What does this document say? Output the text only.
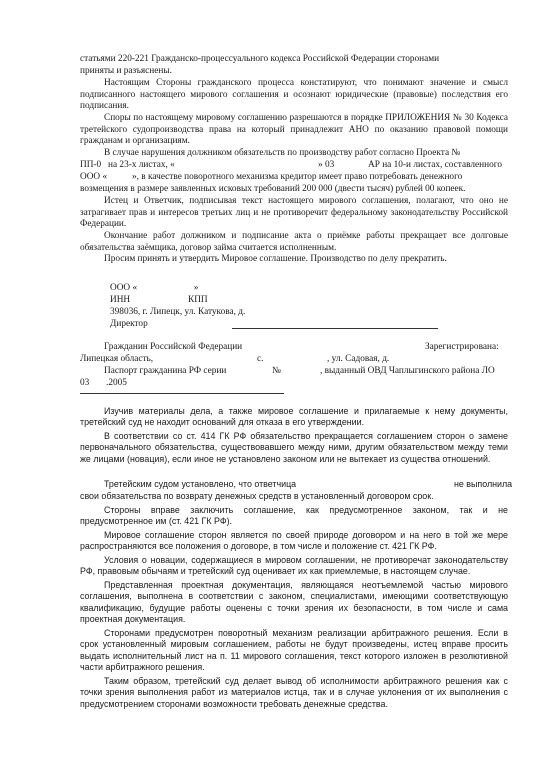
статьями 220-221 Гражданско-процессуального кодекса Российской Федерации сторонами

приняты и разъяснены.

Настоящим Стороны гражданского процесса констатируют, что понимают значение и смысл подписанного настоящего мирового соглашения и осознают юридические (правовые) последствия его подписания.

Споры по настоящему мировому соглашению разрешаются в порядке ПРИЛОЖЕНИЯ № 30 Кодекса третейского судопроизводства права на который принадлежит АНО по оказанию правовой помощи гражданам и организациям.

В случае нарушения должником обязательств по производству работ согласно Проекта №

ПП-0 на 23-х листах, «	» 03	АР на 10-и листах, составленного
ООО «	», в качестве поворотного механизма кредитор имеет право потребовать денежного

возмещения в размере заявленных исковых требований 200 000 (двести тысяч) рублей 00 копеек.

Истец и Ответчик, подписывая текст настоящего мирового соглашения, полагают, что оно не затрагивает прав и интересов третьих лиц и не противоречит федеральному законодательству Российской Федерации.

Окончание работ должником и подписание акта о приёмке работы прекращает все долговые обязательства заёмщика, договор займа считается исполненным.

Просим принять и утвердить Мировое соглашение. Производство по делу прекратить.

ООО «	»
ИНН	КПП

398036, г. Липецк, ул. Катукова, д.

Директор

Гражданин Российской Федерации	Зарегистрирована:
Липецкая область,	с.	, ул. Садовая, д.
Паспорт гражданина РФ серии	№	, выданный ОВД Чаплыгинского района ЛО
03 .2005

Изучив материалы дела, а также мировое соглашение и прилагаемые к нему документы, третейский суд не находит оснований для отказа в его утверждении.

В соответствии со ст. 414 ГК РФ обязательство прекращается соглашением сторон о замене первоначального обязательства, существовавшего между ними, другим обязательством между теми же лицами (новация), если иное не установлено законом или не вытекает из существа отношений.

Третейским судом установлено, что ответчица	не выполнила

свои обязательства по возврату денежных средств в установленный договором срок.

Стороны вправе заключить соглашение, как предусмотренное законом, так и не предусмотренное им (ст. 421 ГК РФ).

Мировое соглашение сторон является по своей природе договором и на него в той же мере распространяются все положения о договоре, в том числе и положение ст. 421 ГК РФ.

Условия о новации, содержащиеся в мировом соглашении, не противоречат законодательству РФ, правовым обычаям и третейский суд оценивает их как приемлемые, в настоящем случае.

Представленная проектная документация, являющаяся неотъемлемой частью мирового соглашения, выполнена в соответствии с законом, специалистами, имеющими соответствующую квалификацию, будущие работы оценены с точки зрения их безопасности, в том числе и сама проектная документация.

Сторонами предусмотрен поворотный механизм реализации арбитражного решения. Если в срок установленный мировым соглашением, работы не будут произведены, истец вправе просить выдать исполнительный лист на п. 11 мирового соглашения, текст которого изложен в резолютивной части арбитражного решения.

Таким образом, третейский суд делает вывод об исполнимости арбитражного решения как с точки зрения выполнения работ из материалов истца, так и в случае уклонения от их выполнения с предусмотрением сторонами возможности требовать денежные средства.
